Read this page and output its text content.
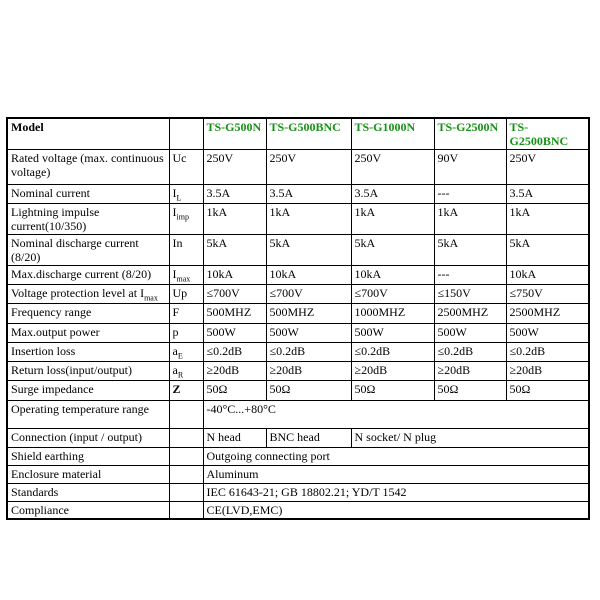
Model		TS-G500N	TS-G500BNC	TS-G1000N	TS-G2500N	TS-G2500BNC
Rated voltage (max. continuous voltage)	Uc	250V	250V	250V	90V	250V
Nominal current	$I_L$	3.5A	3.5A	3.5A	---	3.5A
Lightning impulse current(10/350)	$I_{imp}$	1kA	1kA	1kA	1kA	1kA
Nominal discharge current (8/20)	In	5kA	5kA	5kA	5kA	5kA
Max.discharge current (8/20)	$I_{max}$	10kA	10kA	10kA	---	10kA
Voltage protection level at $I_{max}$	Up	≤700V	≤700V	≤700V	≤150V	≤750V
Frequency range	F	500MHZ	500MHZ	1000MHZ	2500MHZ	2500MHZ
Max.output power	p	500W	500W	500W	500W	500W
Insertion loss	$a_E$	≤0.2dB	≤0.2dB	≤0.2dB	≤0.2dB	≤0.2dB
Return loss(input/output)	$a_R$	≥20dB	≥20dB	≥20dB	≥20dB	≥20dB
Surge impedance	Z	50Ω	50Ω	50Ω	50Ω	50Ω
Operating temperature range		-40°C...+80°C				
Connection (input / output)		N head	BNC head	N socket/ N plug		
Shield earthing		Outgoing connecting port				
Enclosure material		Aluminum				
Standards		IEC 61643-21; GB 18802.21; YD/T 1542				
Compliance		CE(LVD,EMC)				
